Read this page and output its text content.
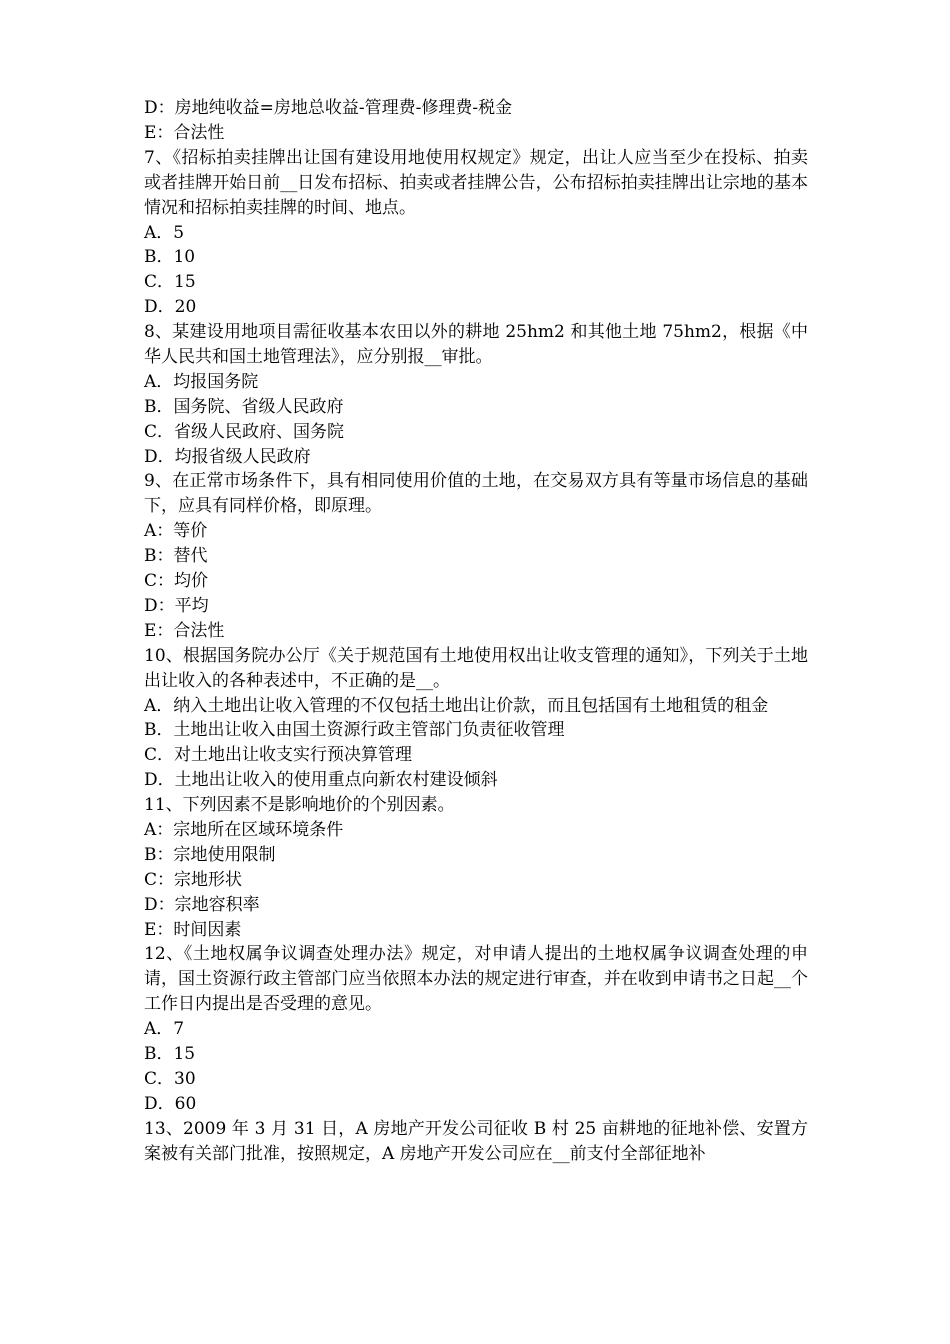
D：房地纯收益=房地总收益-管理费-修理费-税金
E：合法性
7、《招标拍卖挂牌出让国有建设用地使用权规定》规定，出让人应当至少在投标、拍卖或者挂牌开始日前__日发布招标、拍卖或者挂牌公告，公布招标拍卖挂牌出让宗地的基本情况和招标拍卖挂牌的时间、地点。
A．5
B．10
C．15
D．20
8、某建设用地项目需征收基本农田以外的耕地 25hm2 和其他土地 75hm2，根据《中华人民共和国土地管理法》，应分别报__审批。
A．均报国务院
B．国务院、省级人民政府
C．省级人民政府、国务院
D．均报省级人民政府
9、在正常市场条件下，具有相同使用价值的土地，在交易双方具有等量市场信息的基础下，应具有同样价格，即原理。
A：等价
B：替代
C：均价
D：平均
E：合法性
10、根据国务院办公厅《关于规范国有土地使用权出让收支管理的通知》，下列关于土地出让收入的各种表述中，不正确的是__。
A．纳入土地出让收入管理的不仅包括土地出让价款，而且包括国有土地租赁的租金
B．土地出让收入由国土资源行政主管部门负责征收管理
C．对土地出让收支实行预决算管理
D．土地出让收入的使用重点向新农村建设倾斜
11、下列因素不是影响地价的个别因素。
A：宗地所在区域环境条件
B：宗地使用限制
C：宗地形状
D：宗地容积率
E：时间因素
12、《土地权属争议调查处理办法》规定，对申请人提出的土地权属争议调查处理的申请，国土资源行政主管部门应当依照本办法的规定进行审查，并在收到申请书之日起__个工作日内提出是否受理的意见。
A．7
B．15
C．30
D．60
13、2009 年 3 月 31 日，A 房地产开发公司征收 B 村 25 亩耕地的征地补偿、安置方案被有关部门批准，按照规定，A 房地产开发公司应在__前支付全部征地补
